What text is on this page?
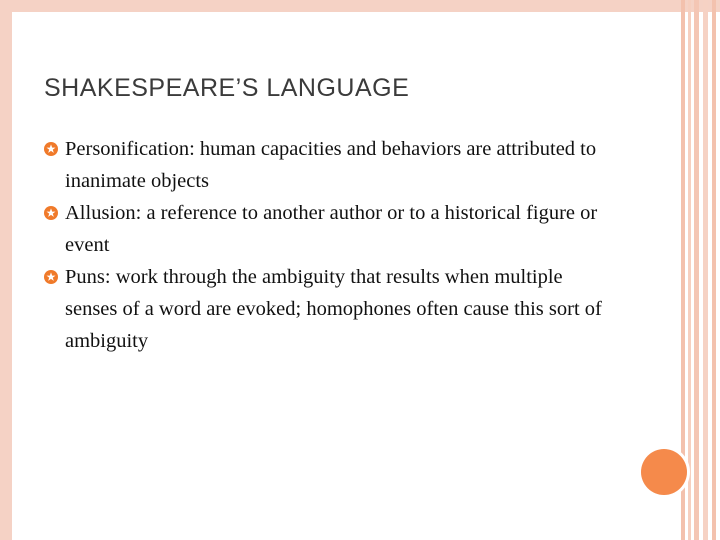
SHAKESPEARE’S LANGUAGE
Personification: human capacities and behaviors are attributed to inanimate objects
Allusion: a reference to another author or to a historical figure or event
Puns: work through the ambiguity that results when multiple senses of a word are evoked; homophones often cause this sort of ambiguity
